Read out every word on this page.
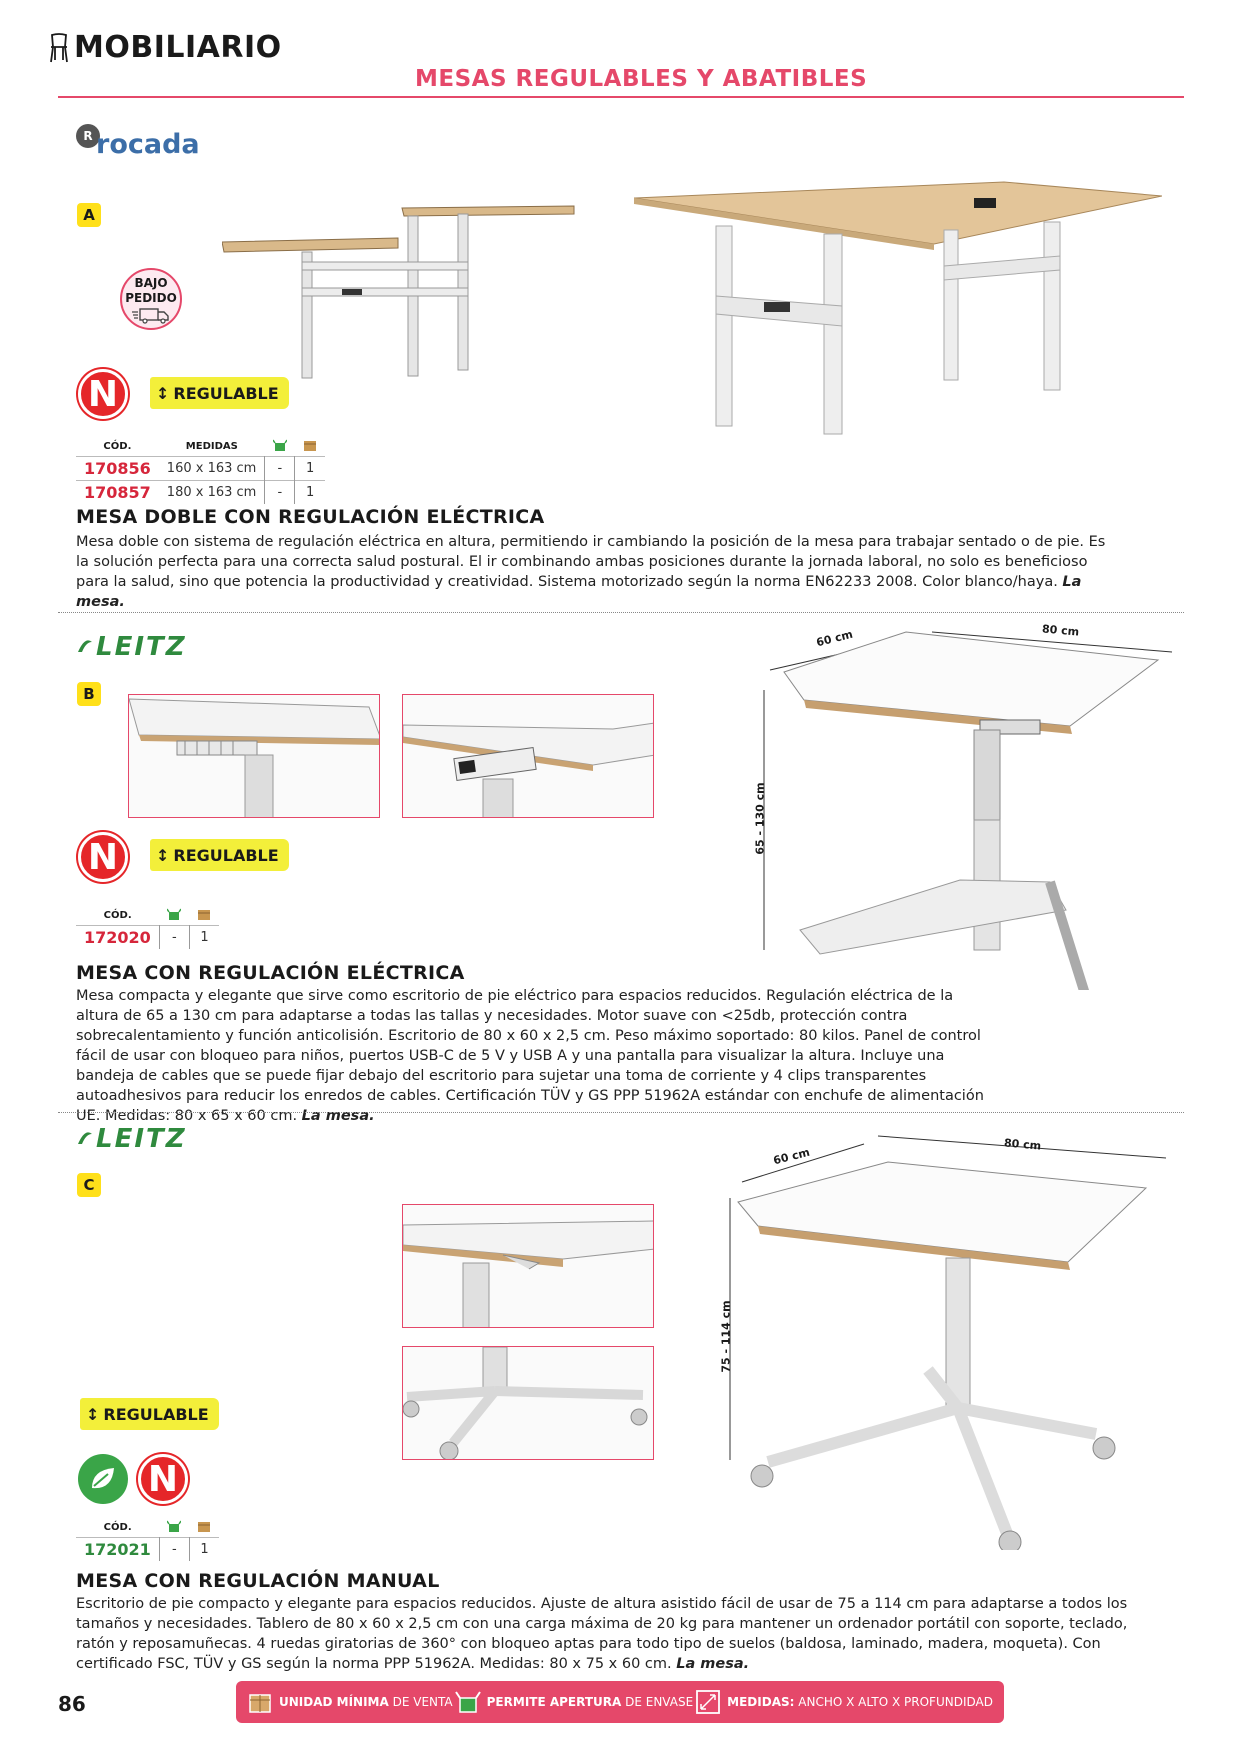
MOBILIARIO
MESAS REGULABLES Y ABATIBLES
R rocada
A
BAJO
PEDIDO
N	↕ REGULABLE
CÓD.	MEDIDAS		
170856	160 x 163 cm	-	1
170857	180 x 163 cm	-	1
MESA DOBLE CON REGULACIÓN ELÉCTRICA
Mesa doble con sistema de regulación eléctrica en altura, permitiendo ir cambiando la posición de la mesa para trabajar sentado o de pie. Es la solución perfecta para una correcta salud postural. El ir combinando ambas posiciones durante la jornada laboral, no solo es beneficioso para la salud, sino que potencia la productividad y creatividad. Sistema motorizado según la norma EN62233 2008. Color blanco/haya. La mesa.
LEITZ
B
60 cm	80 cm
65 - 130 cm
N	↕ REGULABLE
CÓD.		
172020	-	1
MESA CON REGULACIÓN ELÉCTRICA
Mesa compacta y elegante que sirve como escritorio de pie eléctrico para espacios reducidos. Regulación eléctrica de la altura de 65 a 130 cm para adaptarse a todas las tallas y necesidades. Motor suave con <25db, protección contra sobrecalentamiento y función anticolisión. Escritorio de 80 x 60 x 2,5 cm. Peso máximo soportado: 80 kilos. Panel de control fácil de usar con bloqueo para niños, puertos USB-C de 5 V y USB A y una pantalla para visualizar la altura. Incluye una bandeja de cables que se puede fijar debajo del escritorio para sujetar una toma de corriente y 4 clips transparentes autoadhesivos para reducir los enredos de cables. Certificación TÜV y GS PPP 51962A estándar con enchufe de alimentación UE. Medidas: 80 x 65 x 60 cm. La mesa.
LEITZ
C
60 cm
80 cm
75 - 114 cm
↕ REGULABLE
N
CÓD.		
172021	-	1
MESA CON REGULACIÓN MANUAL
Escritorio de pie compacto y elegante para espacios reducidos. Ajuste de altura asistido fácil de usar de 75 a 114 cm para adaptarse a todos los tamaños y necesidades. Tablero de 80 x 60 x 2,5 cm con una carga máxima de 20 kg para mantener un ordenador portátil con soporte, teclado, ratón y reposamuñecas. 4 ruedas giratorias de 360° con bloqueo aptas para todo tipo de suelos (baldosa, laminado, madera, moqueta). Con certificado FSC, TÜV y GS según la norma PPP 51962A. Medidas: 80 x 75 x 60 cm. La mesa.
86	UNIDAD MÍNIMA DE VENTA	PERMITE APERTURA DE ENVASE	MEDIDAS: ANCHO X ALTO X PROFUNDIDAD
